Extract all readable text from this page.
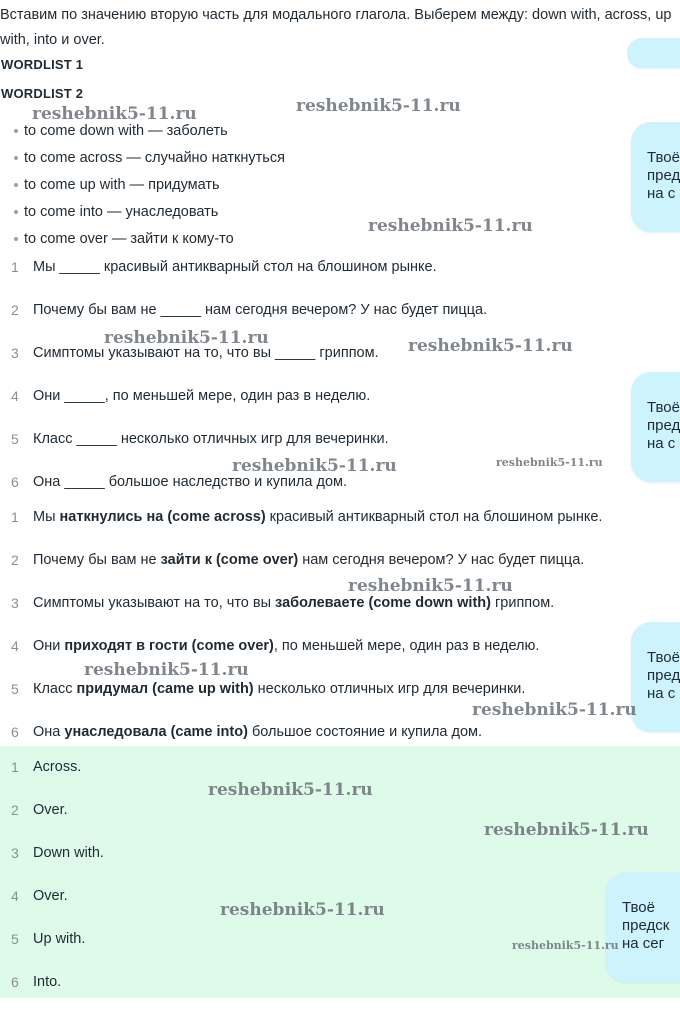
Вставим по значению вторую часть для модального глагола. Выберем между: down with, across, up with, into и over.
WORDLIST 1
WORDLIST 2
to come down with — заболеть
to come across — случайно наткнуться
to come up with — придумать
to come into — унаследовать
to come over — зайти к кому-то
1 Мы _____ красивый антикварный стол на блошином рынке.
2 Почему бы вам не _____ нам сегодня вечером? У нас будет пицца.
3 Симптомы указывают на то, что вы _____ гриппом.
4 Они _____, по меньшей мере, один раз в неделю.
5 Класс _____ несколько отличных игр для вечеринки.
6 Она _____ большое наследство и купила дом.
1 Мы наткнулись на (come across) красивый антикварный стол на блошином рынке.
2 Почему бы вам не зайти к (come over) нам сегодня вечером? У нас будет пицца.
3 Симптомы указывают на то, что вы заболеваете (come down with) гриппом.
4 Они приходят в гости (come over), по меньшей мере, один раз в неделю.
5 Класс придумал (came up with) несколько отличных игр для вечеринки.
6 Она унаследовала (came into) большое состояние и купила дом.
1 Across.
2 Over.
3 Down with.
4 Over.
5 Up with.
6 Into.
Твоё
пред
на с
Твоё
пред
на с
Твоё
пред
на с
Твоё
предск
на сег
reshebnik5-11.ru	reshebnik5-11.ru
reshebnik5-11.ru
reshebnik5-11.ru	reshebnik5-11.ru
reshebnik5-11.ru	reshebnik5-11.ru
reshebnik5-11.ru
reshebnik5-11.ru
reshebnik5-11.ru
reshebnik5-11.ru
reshebnik5-11.ru
reshebnik5-11.ru
reshebnik5-11.ru
